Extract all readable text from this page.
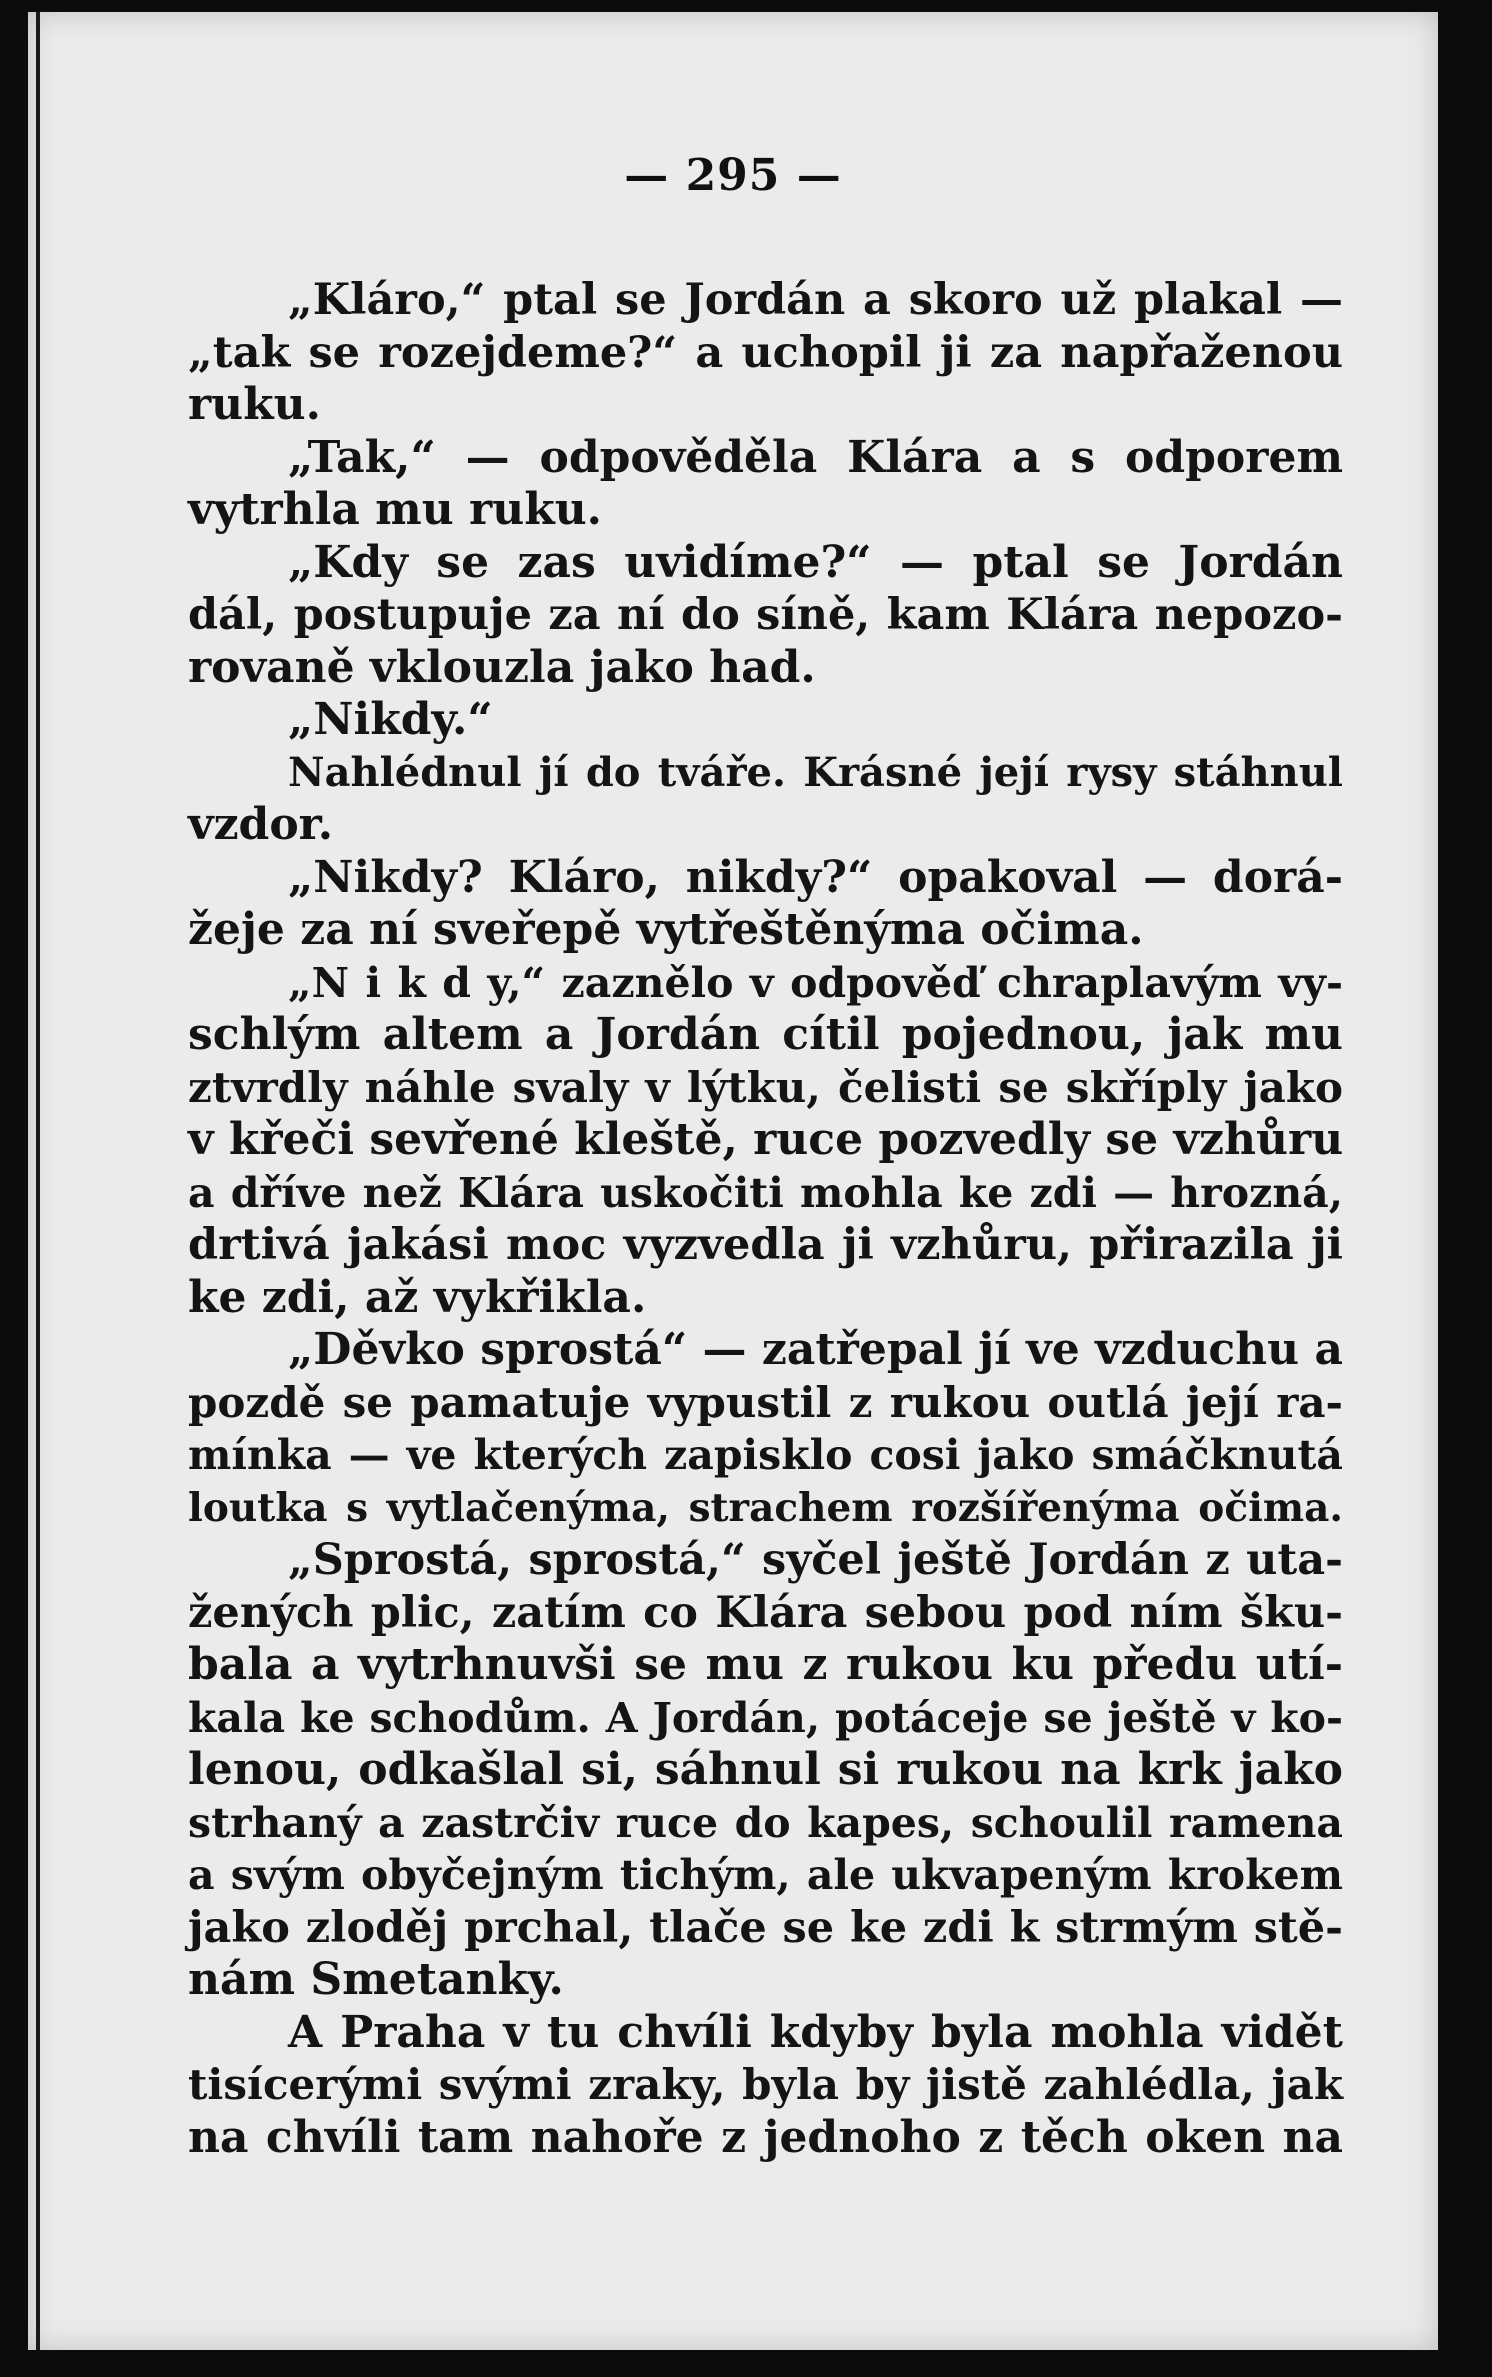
— 295 —
„Kláro,“ ptal se Jordán a skoro už plakal —
„tak se rozejdeme?“ a uchopil ji za napřaženou
ruku.
„Tak,“ — odpověděla Klára a s odporem
vytrhla mu ruku.
„Kdy se zas uvidíme?“ — ptal se Jordán
dál, postupuje za ní do síně, kam Klára nepozo-
rovaně vklouzla jako had.
„Nikdy.“
Nahlédnul jí do tváře. Krásné její rysy stáhnul
vzdor.
„Nikdy? Kláro, nikdy?“ opakoval — dorá-
žeje za ní sveřepě vytřeštěnýma očima.
„N i k d y,“ zaznělo v odpověď chraplavým vy-
schlým altem a Jordán cítil pojednou, jak mu
ztvrdly náhle svaly v lýtku, čelisti se skříply jako
v křeči sevřené kleště, ruce pozvedly se vzhůru
a dříve než Klára uskočiti mohla ke zdi — hrozná,
drtivá jakási moc vyzvedla ji vzhůru, přirazila ji
ke zdi, až vykřikla.
„Děvko sprostá“ — zatřepal jí ve vzduchu a
pozdě se pamatuje vypustil z rukou outlá její ra-
mínka — ve kterých zapisklo cosi jako smáčknutá
loutka s vytlačenýma, strachem rozšířenýma očima.
„Sprostá, sprostá,“ syčel ještě Jordán z uta-
žených plic, zatím co Klára sebou pod ním šku-
bala a vytrhnuvši se mu z rukou ku předu utí-
kala ke schodům. A Jordán, potáceje se ještě v ko-
lenou, odkašlal si, sáhnul si rukou na krk jako
strhaný a zastrčiv ruce do kapes, schoulil ramena
a svým obyčejným tichým, ale ukvapeným krokem
jako zloděj prchal, tlače se ke zdi k strmým stě-
nám Smetanky.
A Praha v tu chvíli kdyby byla mohla vidět
tisícerými svými zraky, byla by jistě zahlédla, jak
na chvíli tam nahoře z jednoho z těch oken na
